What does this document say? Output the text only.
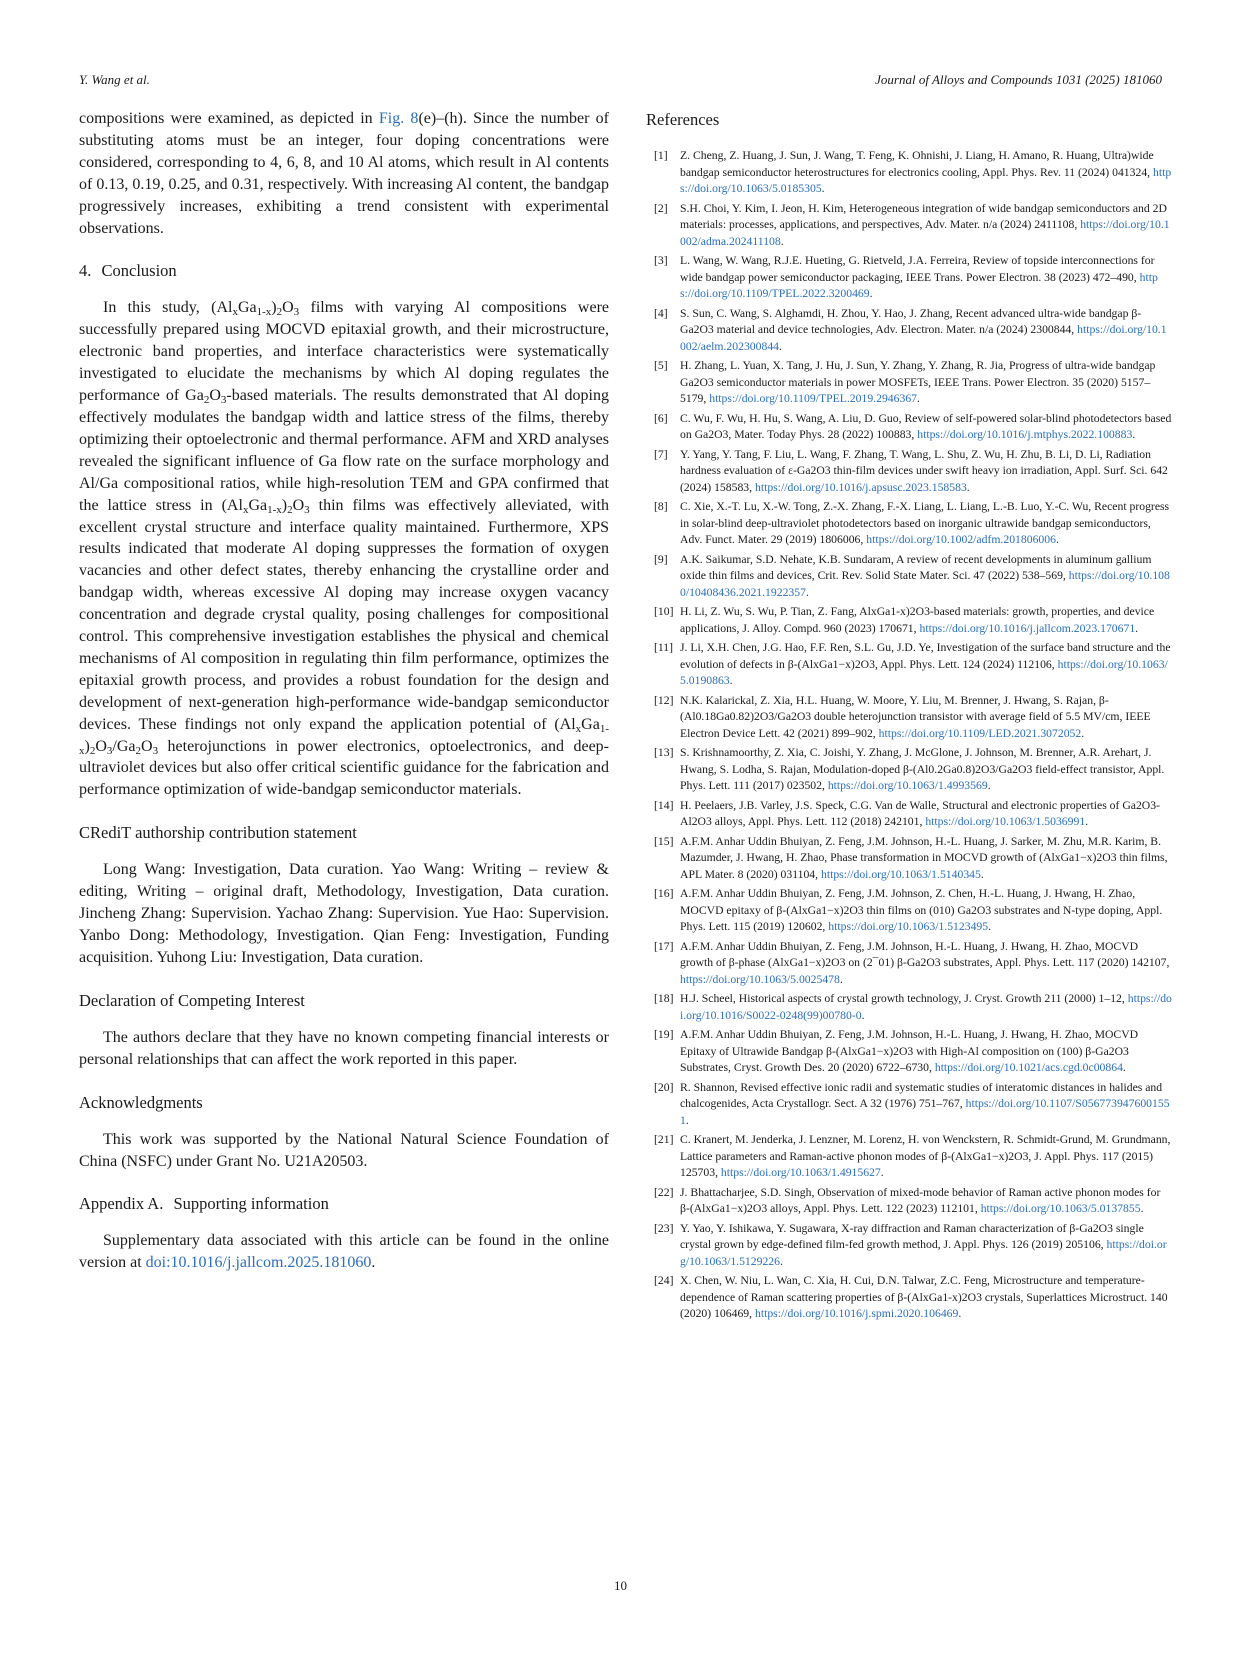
Y. Wang et al.	Journal of Alloys and Compounds 1031 (2025) 181060

compositions were examined, as depicted in Fig. 8(e)–(h). Since the number of substituting atoms must be an integer, four doping concentrations were considered, corresponding to 4, 6, 8, and 10 Al atoms, which result in Al contents of 0.13, 0.19, 0.25, and 0.31, respectively. With increasing Al content, the bandgap progressively increases, exhibiting a trend consistent with experimental observations.

4. Conclusion

In this study, $(Al_xGa_{1-x})_2O_3$ films with varying Al compositions were successfully prepared using MOCVD epitaxial growth, and their microstructure, electronic band properties, and interface characteristics were systematically investigated to elucidate the mechanisms by which Al doping regulates the performance of $Ga_2O_3$-based materials. The results demonstrated that Al doping effectively modulates the bandgap width and lattice stress of the films, thereby optimizing their optoelectronic and thermal performance. AFM and XRD analyses revealed the significant influence of Ga flow rate on the surface morphology and Al/Ga compositional ratios, while high-resolution TEM and GPA confirmed that the lattice stress in $(Al_xGa_{1-x})_2O_3$ thin films was effectively alleviated, with excellent crystal structure and interface quality maintained. Furthermore, XPS results indicated that moderate Al doping suppresses the formation of oxygen vacancies and other defect states, thereby enhancing the crystalline order and bandgap width, whereas excessive Al doping may increase oxygen vacancy concentration and degrade crystal quality, posing challenges for compositional control. This comprehensive investigation establishes the physical and chemical mechanisms of Al composition in regulating thin film performance, optimizes the epitaxial growth process, and provides a robust foundation for the design and development of next-generation high-performance wide-bandgap semiconductor devices. These findings not only expand the application potential of $(Al_xGa_{1-x})_2O_3/Ga_2O_3$ heterojunctions in power electronics, optoelectronics, and deep-ultraviolet devices but also offer critical scientific guidance for the fabrication and performance optimization of wide-bandgap semiconductor materials.

CRediT authorship contribution statement

Long Wang: Investigation, Data curation. Yao Wang: Writing – review & editing, Writing – original draft, Methodology, Investigation, Data curation. Jincheng Zhang: Supervision. Yachao Zhang: Supervision. Yue Hao: Supervision. Yanbo Dong: Methodology, Investigation. Qian Feng: Investigation, Funding acquisition. Yuhong Liu: Investigation, Data curation.

Declaration of Competing Interest

The authors declare that they have no known competing financial interests or personal relationships that can affect the work reported in this paper.

Acknowledgments

This work was supported by the National Natural Science Foundation of China (NSFC) under Grant No. U21A20503.

Appendix A. Supporting information

Supplementary data associated with this article can be found in the online version at doi:10.1016/j.jallcom.2025.181060.

References
[1]	Z. Cheng, Z. Huang, J. Sun, J. Wang, T. Feng, K. Ohnishi, J. Liang, H. Amano, R. Huang, Ultra)wide bandgap semiconductor heterostructures for electronics cooling, Appl. Phys. Rev. 11 (2024) 041324, https://doi.org/10.1063/5.0185305.
[2]	S.H. Choi, Y. Kim, I. Jeon, H. Kim, Heterogeneous integration of wide bandgap semiconductors and 2D materials: processes, applications, and perspectives, Adv. Mater. n/a (2024) 2411108, https://doi.org/10.1002/adma.202411108.
[3]	L. Wang, W. Wang, R.J.E. Hueting, G. Rietveld, J.A. Ferreira, Review of topside interconnections for wide bandgap power semiconductor packaging, IEEE Trans. Power Electron. 38 (2023) 472–490, https://doi.org/10.1109/TPEL.2022.3200469.
[4]	S. Sun, C. Wang, S. Alghamdi, H. Zhou, Y. Hao, J. Zhang, Recent advanced ultra-wide bandgap β-Ga2O3 material and device technologies, Adv. Electron. Mater. n/a (2024) 2300844, https://doi.org/10.1002/aelm.202300844.
[5]	H. Zhang, L. Yuan, X. Tang, J. Hu, J. Sun, Y. Zhang, Y. Zhang, R. Jia, Progress of ultra-wide bandgap Ga2O3 semiconductor materials in power MOSFETs, IEEE Trans. Power Electron. 35 (2020) 5157–5179, https://doi.org/10.1109/TPEL.2019.2946367.
[6]	C. Wu, F. Wu, H. Hu, S. Wang, A. Liu, D. Guo, Review of self-powered solar-blind photodetectors based on Ga2O3, Mater. Today Phys. 28 (2022) 100883, https://doi.org/10.1016/j.mtphys.2022.100883.
[7]	Y. Yang, Y. Tang, F. Liu, L. Wang, F. Zhang, T. Wang, L. Shu, Z. Wu, H. Zhu, B. Li, D. Li, Radiation hardness evaluation of ε-Ga2O3 thin-film devices under swift heavy ion irradiation, Appl. Surf. Sci. 642 (2024) 158583, https://doi.org/10.1016/j.apsusc.2023.158583.
[8]	C. Xie, X.-T. Lu, X.-W. Tong, Z.-X. Zhang, F.-X. Liang, L. Liang, L.-B. Luo, Y.-C. Wu, Recent progress in solar-blind deep-ultraviolet photodetectors based on inorganic ultrawide bandgap semiconductors, Adv. Funct. Mater. 29 (2019) 1806006, https://doi.org/10.1002/adfm.201806006.
[9]	A.K. Saikumar, S.D. Nehate, K.B. Sundaram, A review of recent developments in aluminum gallium oxide thin films and devices, Crit. Rev. Solid State Mater. Sci. 47 (2022) 538–569, https://doi.org/10.1080/10408436.2021.1922357.
[10] H. Li, Z. Wu, S. Wu, P. Tian, Z. Fang, AlxGa1-x)2O3-based materials: growth, properties, and device applications, J. Alloy. Compd. 960 (2023) 170671, https://doi.org/10.1016/j.jallcom.2023.170671.
[11] J. Li, X.H. Chen, J.G. Hao, F.F. Ren, S.L. Gu, J.D. Ye, Investigation of the surface band structure and the evolution of defects in β-(AlxGa1−x)2O3, Appl. Phys. Lett. 124 (2024) 112106, https://doi.org/10.1063/5.0190863.
[12] N.K. Kalarickal, Z. Xia, H.L. Huang, W. Moore, Y. Liu, M. Brenner, J. Hwang, S. Rajan, β-(Al0.18Ga0.82)2O3/Ga2O3 double heterojunction transistor with average field of 5.5 MV/cm, IEEE Electron Device Lett. 42 (2021) 899–902, https://doi.org/10.1109/LED.2021.3072052.
[13] S. Krishnamoorthy, Z. Xia, C. Joishi, Y. Zhang, J. McGlone, J. Johnson, M. Brenner, A.R. Arehart, J. Hwang, S. Lodha, S. Rajan, Modulation-doped β-(Al0.2Ga0.8)2O3/Ga2O3 field-effect transistor, Appl. Phys. Lett. 111 (2017) 023502, https://doi.org/10.1063/1.4993569.
[14] H. Peelaers, J.B. Varley, J.S. Speck, C.G. Van de Walle, Structural and electronic properties of Ga2O3-Al2O3 alloys, Appl. Phys. Lett. 112 (2018) 242101, https://doi.org/10.1063/1.5036991.
[15] A.F.M. Anhar Uddin Bhuiyan, Z. Feng, J.M. Johnson, H.-L. Huang, J. Sarker, M. Zhu, M.R. Karim, B. Mazumder, J. Hwang, H. Zhao, Phase transformation in MOCVD growth of (AlxGa1−x)2O3 thin films, APL Mater. 8 (2020) 031104, https://doi.org/10.1063/1.5140345.
[16] A.F.M. Anhar Uddin Bhuiyan, Z. Feng, J.M. Johnson, Z. Chen, H.-L. Huang, J. Hwang, H. Zhao, MOCVD epitaxy of β-(AlxGa1−x)2O3 thin films on (010) Ga2O3 substrates and N-type doping, Appl. Phys. Lett. 115 (2019) 120602, https://doi.org/10.1063/1.5123495.
[17] A.F.M. Anhar Uddin Bhuiyan, Z. Feng, J.M. Johnson, H.-L. Huang, J. Hwang, H. Zhao, MOCVD growth of β-phase (AlxGa1−x)2O3 on (2¯01) β-Ga2O3 substrates, Appl. Phys. Lett. 117 (2020) 142107, https://doi.org/10.1063/5.0025478.
[18] H.J. Scheel, Historical aspects of crystal growth technology, J. Cryst. Growth 211 (2000) 1–12, https://doi.org/10.1016/S0022-0248(99)00780-0.
[19] A.F.M. Anhar Uddin Bhuiyan, Z. Feng, J.M. Johnson, H.-L. Huang, J. Hwang, H. Zhao, MOCVD Epitaxy of Ultrawide Bandgap β-(AlxGa1−x)2O3 with High-Al composition on (100) β-Ga2O3 Substrates, Cryst. Growth Des. 20 (2020) 6722–6730, https://doi.org/10.1021/acs.cgd.0c00864.
[20] R. Shannon, Revised effective ionic radii and systematic studies of interatomic distances in halides and chalcogenides, Acta Crystallogr. Sect. A 32 (1976) 751–767, https://doi.org/10.1107/S0567739476001551.
[21] C. Kranert, M. Jenderka, J. Lenzner, M. Lorenz, H. von Wenckstern, R. Schmidt-Grund, M. Grundmann, Lattice parameters and Raman-active phonon modes of β-(AlxGa1−x)2O3, J. Appl. Phys. 117 (2015) 125703, https://doi.org/10.1063/1.4915627.
[22] J. Bhattacharjee, S.D. Singh, Observation of mixed-mode behavior of Raman active phonon modes for β-(AlxGa1−x)2O3 alloys, Appl. Phys. Lett. 122 (2023) 112101, https://doi.org/10.1063/5.0137855.
[23] Y. Yao, Y. Ishikawa, Y. Sugawara, X-ray diffraction and Raman characterization of β-Ga2O3 single crystal grown by edge-defined film-fed growth method, J. Appl. Phys. 126 (2019) 205106, https://doi.org/10.1063/1.5129226.
[24] X. Chen, W. Niu, L. Wan, C. Xia, H. Cui, D.N. Talwar, Z.C. Feng, Microstructure and temperature-dependence of Raman scattering properties of β-(AlxGa1-x)2O3 crystals, Superlattices Microstruct. 140 (2020) 106469, https://doi.org/10.1016/j.spmi.2020.106469.
10
